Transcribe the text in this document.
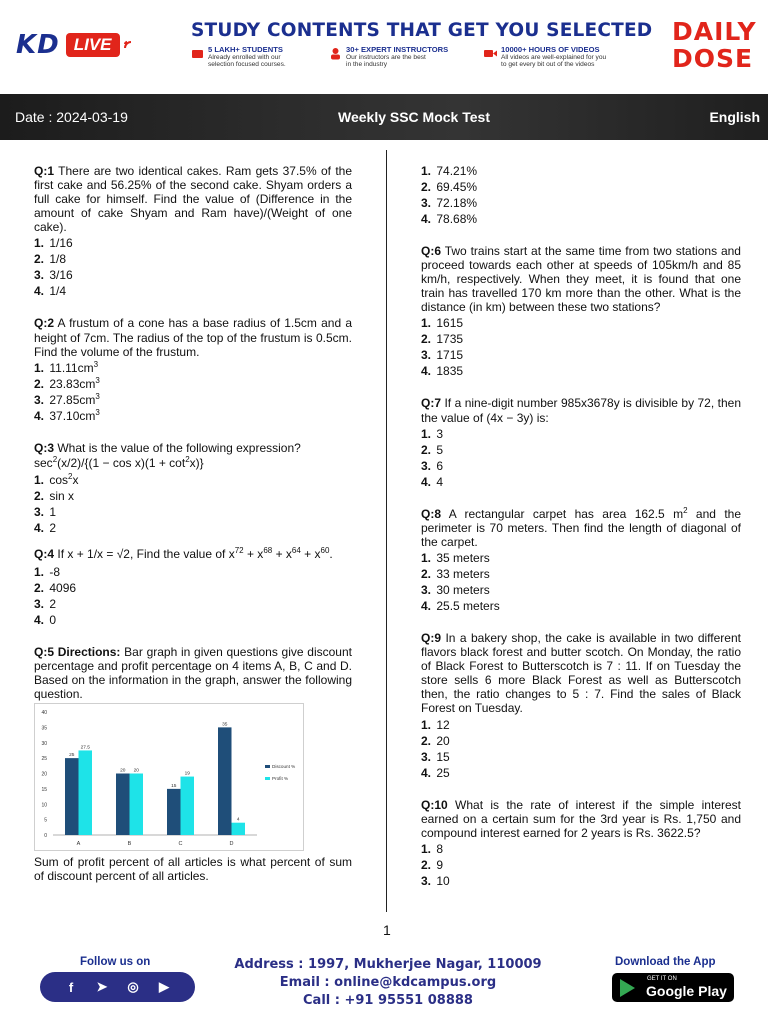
KD LIVE
STUDY CONTENTS THAT GET YOU SELECTED
5 LAKH+ STUDENTS
Already enrolled with our
selection focused courses.
30+ EXPERT INSTRUCTORS
Our instructors are the best
in the industry
10000+ HOURS OF VIDEOS
All videos are well-explained for you
to get every bit out of the videos
DAILY
DOSE
Date : 2024-03-19	Weekly SSC Mock Test	English
Q:1 There are two identical cakes. Ram gets 37.5% of the first cake and 56.25% of the second cake. Shyam orders a full cake for himself. Find the value of (Difference in the amount of cake Shyam and Ram have)/(Weight of one cake).
1. 1/16
2. 1/8
3. 3/16
4. 1/4
Q:2 A frustum of a cone has a base radius of 1.5cm and a height of 7cm. The radius of the top of the frustum is 0.5cm. Find the volume of the frustum.
1. $11.11cm^3$
2. $23.83cm^3$
3. $27.85cm^3$
4. $37.10cm^3$
Q:3 What is the value of the following expression?
$\sec^2(x/2)/\{(1 - \cos x)(1 + \cot^2x)\}$
1. $\cos^2x$
2. sin x
3. 1
4. 2
Q:4 If x + 1/x = √2, Find the value of $x^{72} + x^{68} + x^{64} + x^{60}$.
1. -8
2. 4096
3. 2
4. 0
Q:5 Directions: Bar graph in given questions give discount percentage and profit percentage on 4 items A, B, C and D. Based on the information in the graph, answer the following question.
0
5
10
15
20
25
30
35
40
25
27.5
A
20 20
B
15
19
C
35
4
D
Discount %
Profit %
Sum of profit percent of all articles is what percent of sum of discount percent of all articles.
1. 74.21%
2. 69.45%
3. 72.18%
4. 78.68%
Q:6 Two trains start at the same time from two stations and proceed towards each other at speeds of 105km/h and 85 km/h, respectively. When they meet, it is found that one train has travelled 170 km more than the other. What is the distance (in km) between these two stations?
1. 1615
2. 1735
3. 1715
4. 1835
Q:7 If a nine-digit number 985x3678y is divisible by 72, then the value of (4x − 3y) is:
1. 3
2. 5
3. 6
4. 4
Q:8 A rectangular carpet has area 162.5 $m^2$ and the perimeter is 70 meters. Then find the length of diagonal of the carpet.
1. 35 meters
2. 33 meters
3. 30 meters
4. 25.5 meters
Q:9 In a bakery shop, the cake is available in two different flavors black forest and butter scotch. On Monday, the ratio of Black Forest to Butterscotch is 7 : 11. If on Tuesday the store sells 6 more Black Forest as well as Butterscotch then, the ratio changes to 5 : 7. Find the sales of Black Forest on Tuesday.
1. 12
2. 20
3. 15
4. 25
Q:10 What is the rate of interest if the simple interest earned on a certain sum for the 3rd year is Rs. 1,750 and compound interest earned for 2 years is Rs. 3622.5?
1. 8
2. 9
3. 10
1
Follow us on
f	➤ ◎	▶
Address : 1997, Mukherjee Nagar, 110009
Email : online@kdcampus.org
Call : +91 95551 08888
Download the App
GET IT ON
Google Play
